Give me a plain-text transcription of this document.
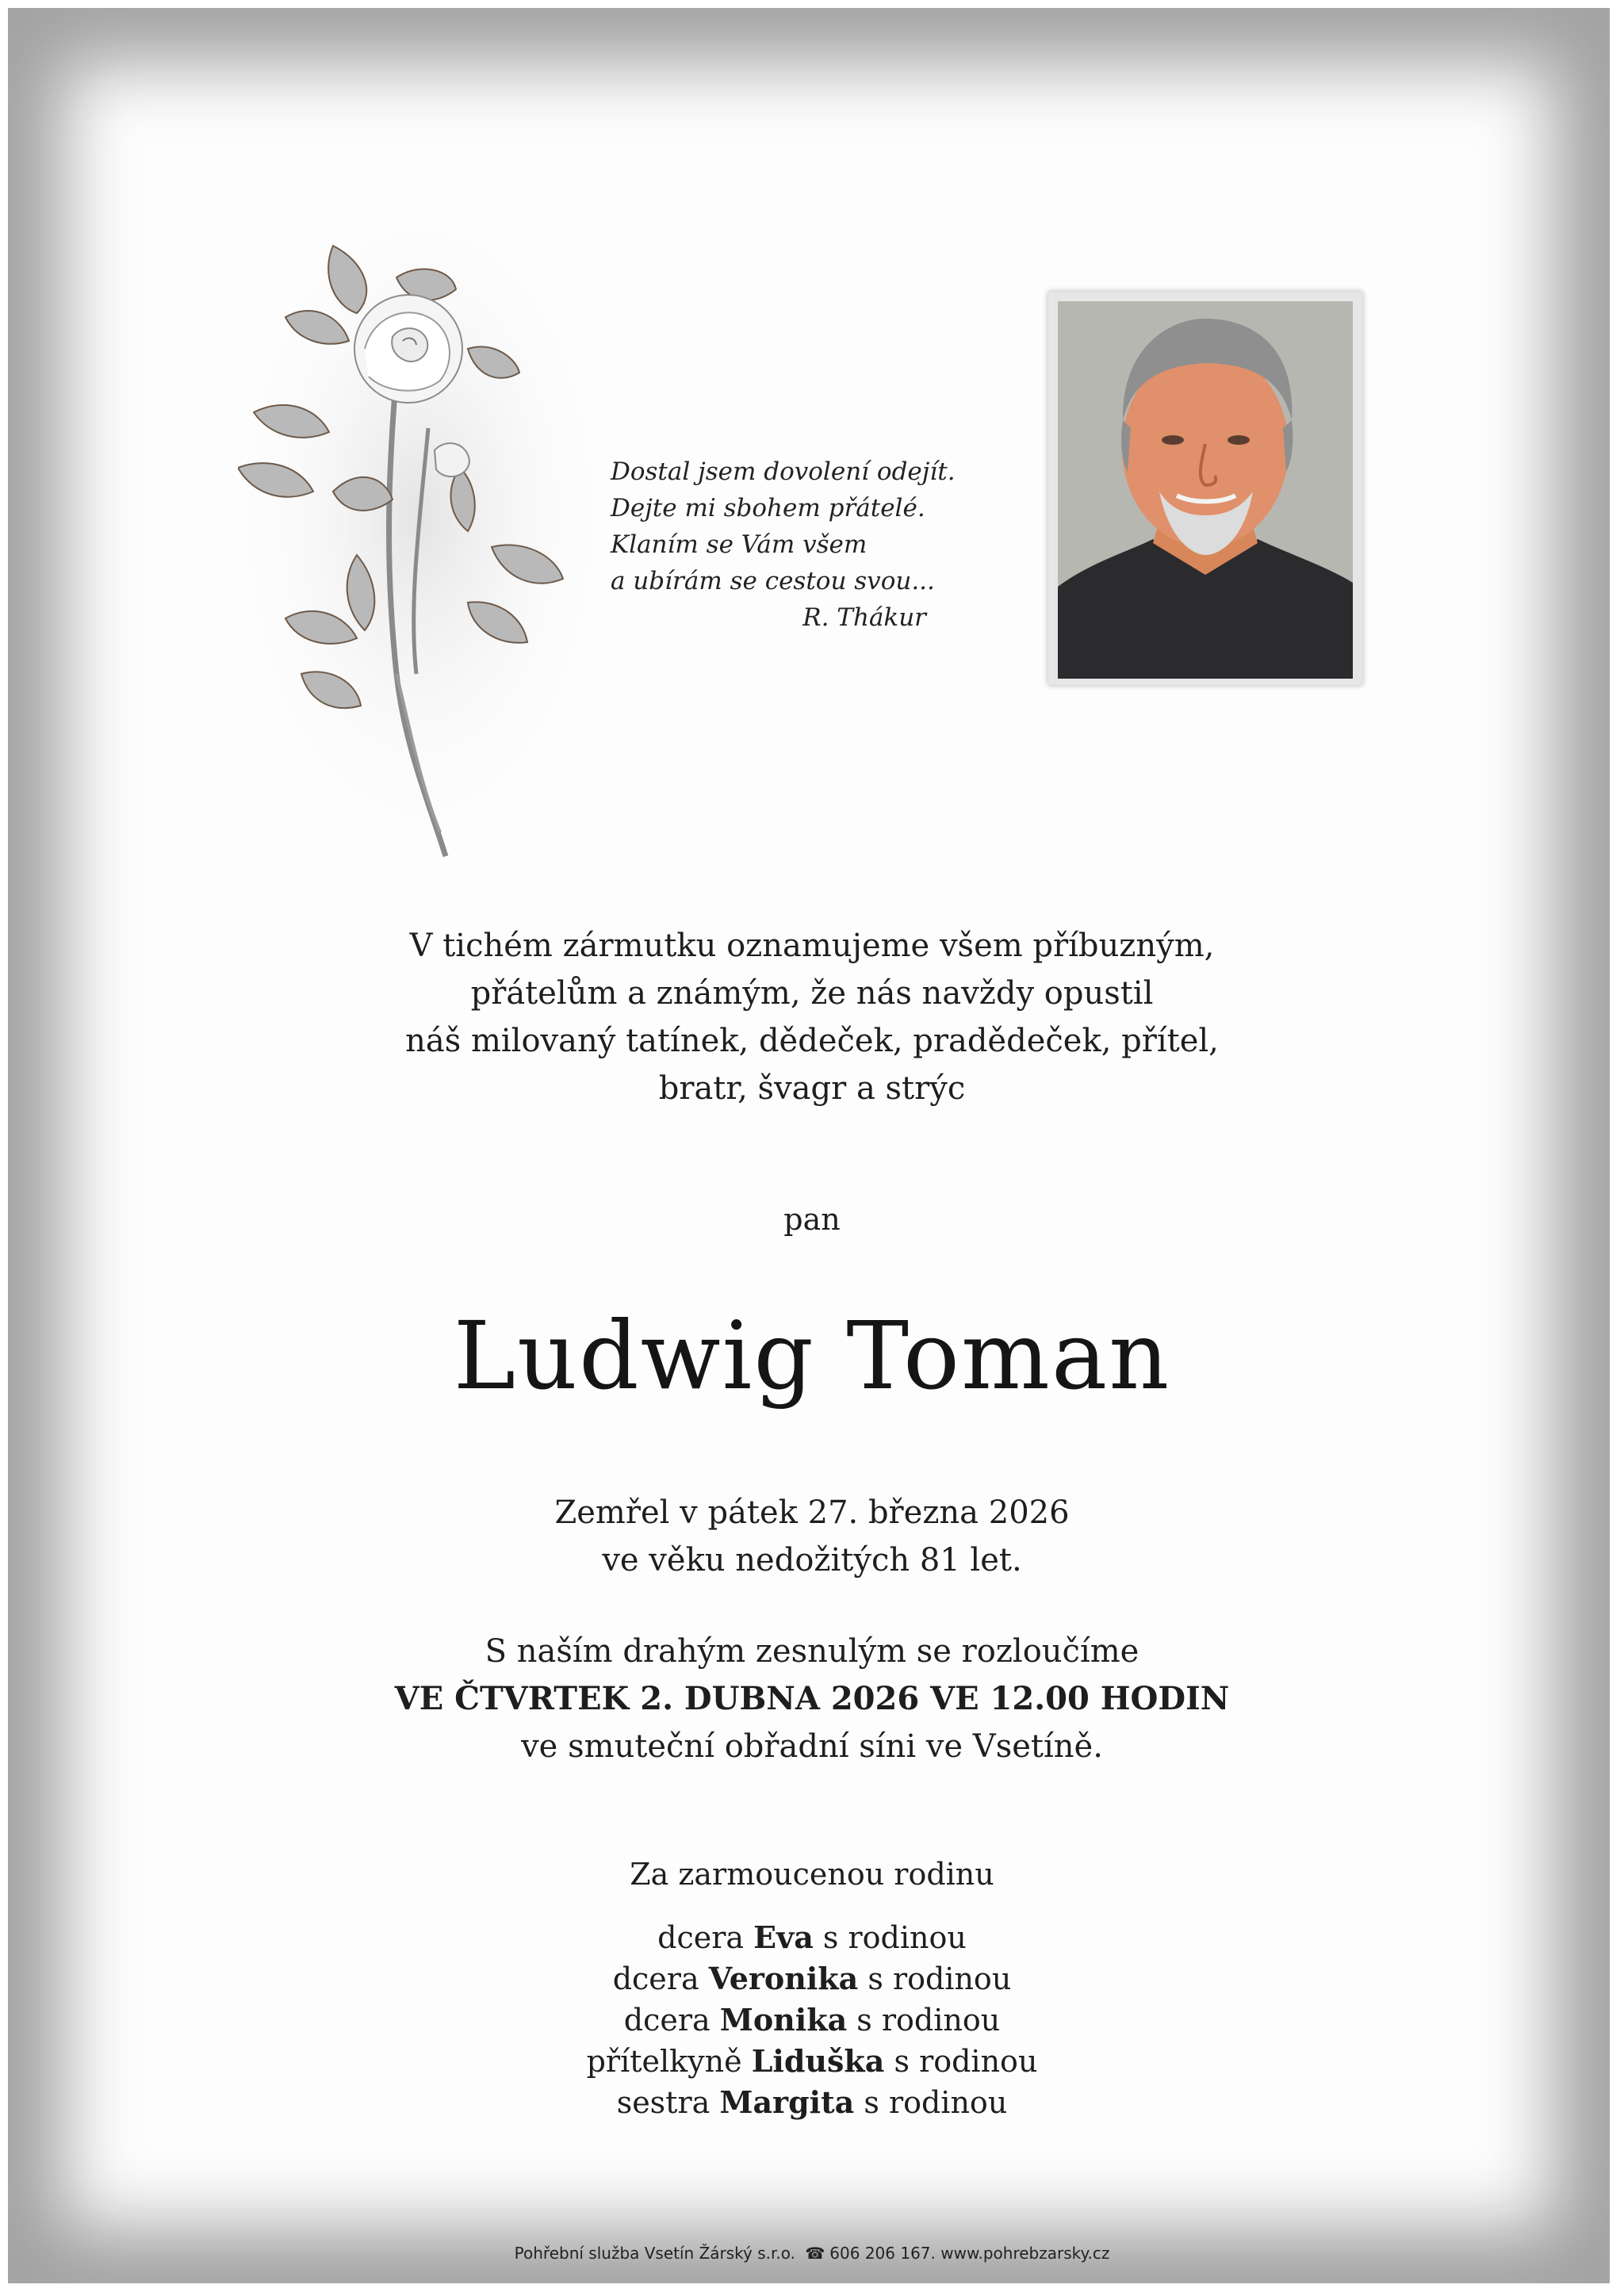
Dostal jsem dovolení odejít.
Dejte mi sbohem přátelé.
Klaním se Vám všem
a ubírám se cestou svou...
R. Thákur
V tichém zármutku oznamujeme všem příbuzným,
přátelům a známým, že nás navždy opustil
náš milovaný tatínek, dědeček, pradědeček, přítel,
bratr, švagr a strýc
pan
Ludwig Toman
Zemřel v pátek 27. března 2026
ve věku nedožitých 81 let.
S naším drahým zesnulým se rozloučíme
VE ČTVRTEK 2. DUBNA 2026 VE 12.00 HODIN
ve smuteční obřadní síni ve Vsetíně.
Za zarmoucenou rodinu
dcera Eva s rodinou
dcera Veronika s rodinou
dcera Monika s rodinou
přítelkyně Liduška s rodinou
sestra Margita s rodinou
Pohřební služba Vsetín Žárský s.r.o. ☎ 606 206 167. www.pohrebzarsky.cz
